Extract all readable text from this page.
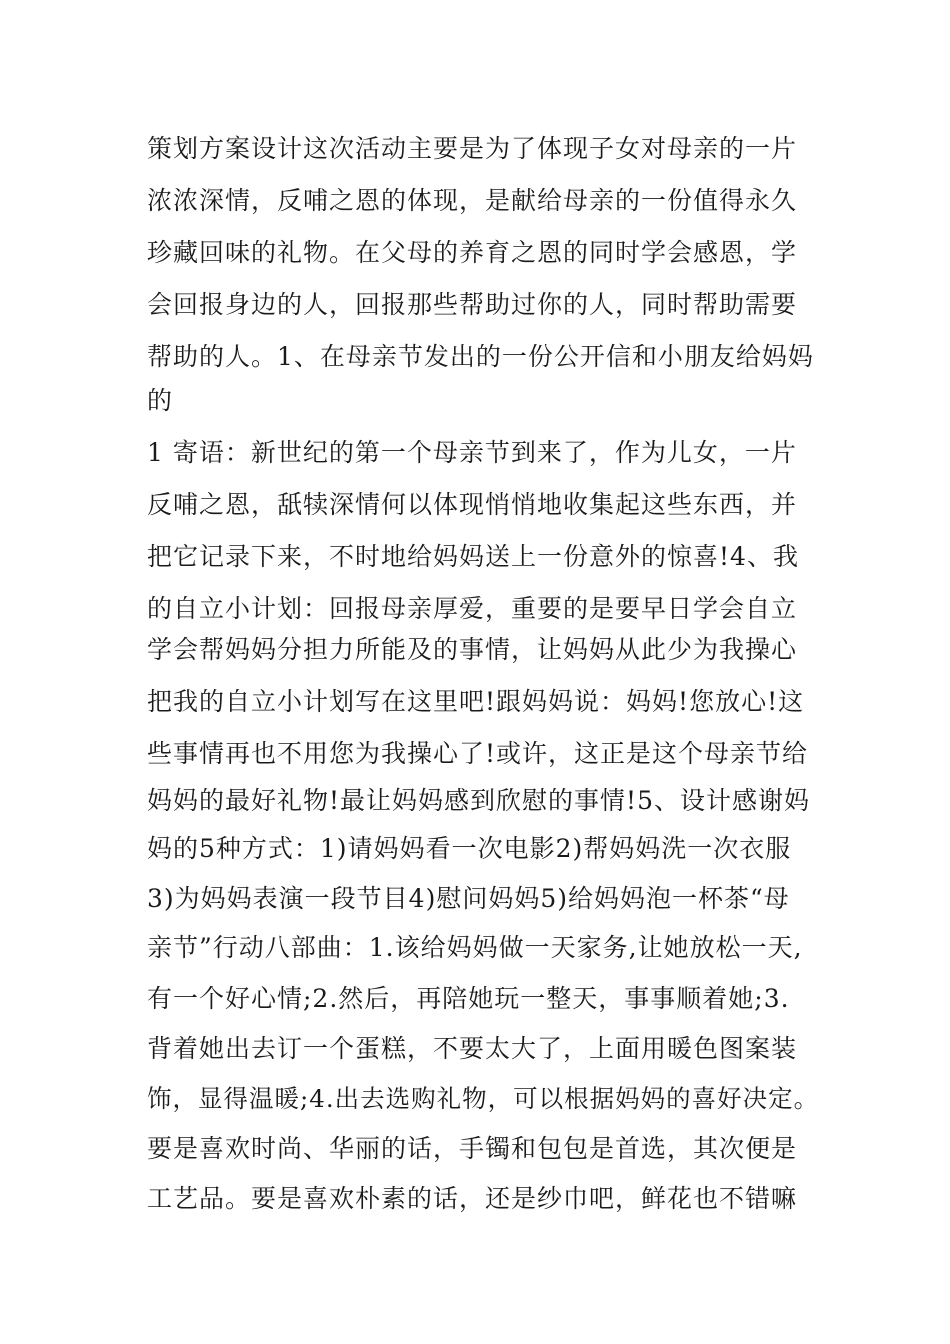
策划方案设计这次活动主要是为了体现子女对母亲的一片
浓浓深情，反哺之恩的体现，是献给母亲的一份值得永久
珍藏回味的礼物。在父母的养育之恩的同时学会感恩，学
会回报身边的人，回报那些帮助过你的人，同时帮助需要
帮助的人。1、在母亲节发出的一份公开信和小朋友给妈妈
的
1 寄语：新世纪的第一个母亲节到来了，作为儿女，一片
反哺之恩，舐犊深情何以体现悄悄地收集起这些东西，并
把它记录下来，不时地给妈妈送上一份意外的惊喜!4、我
的自立小计划：回报母亲厚爱，重要的是要早日学会自立
学会帮妈妈分担力所能及的事情，让妈妈从此少为我操心
把我的自立小计划写在这里吧!跟妈妈说：妈妈!您放心!这
些事情再也不用您为我操心了!或许，这正是这个母亲节给
妈妈的最好礼物!最让妈妈感到欣慰的事情!5、设计感谢妈
妈的5种方式：1)请妈妈看一次电影2)帮妈妈洗一次衣服
3)为妈妈表演一段节目4)慰问妈妈5)给妈妈泡一杯茶“母
亲节”行动八部曲：1.该给妈妈做一天家务,让她放松一天,
有一个好心情;2.然后，再陪她玩一整天，事事顺着她;3.
背着她出去订一个蛋糕，不要太大了，上面用暖色图案装
饰，显得温暖;4.出去选购礼物，可以根据妈妈的喜好决定。
要是喜欢时尚、华丽的话，手镯和包包是首选，其次便是
工艺品。要是喜欢朴素的话，还是纱巾吧，鲜花也不错嘛
